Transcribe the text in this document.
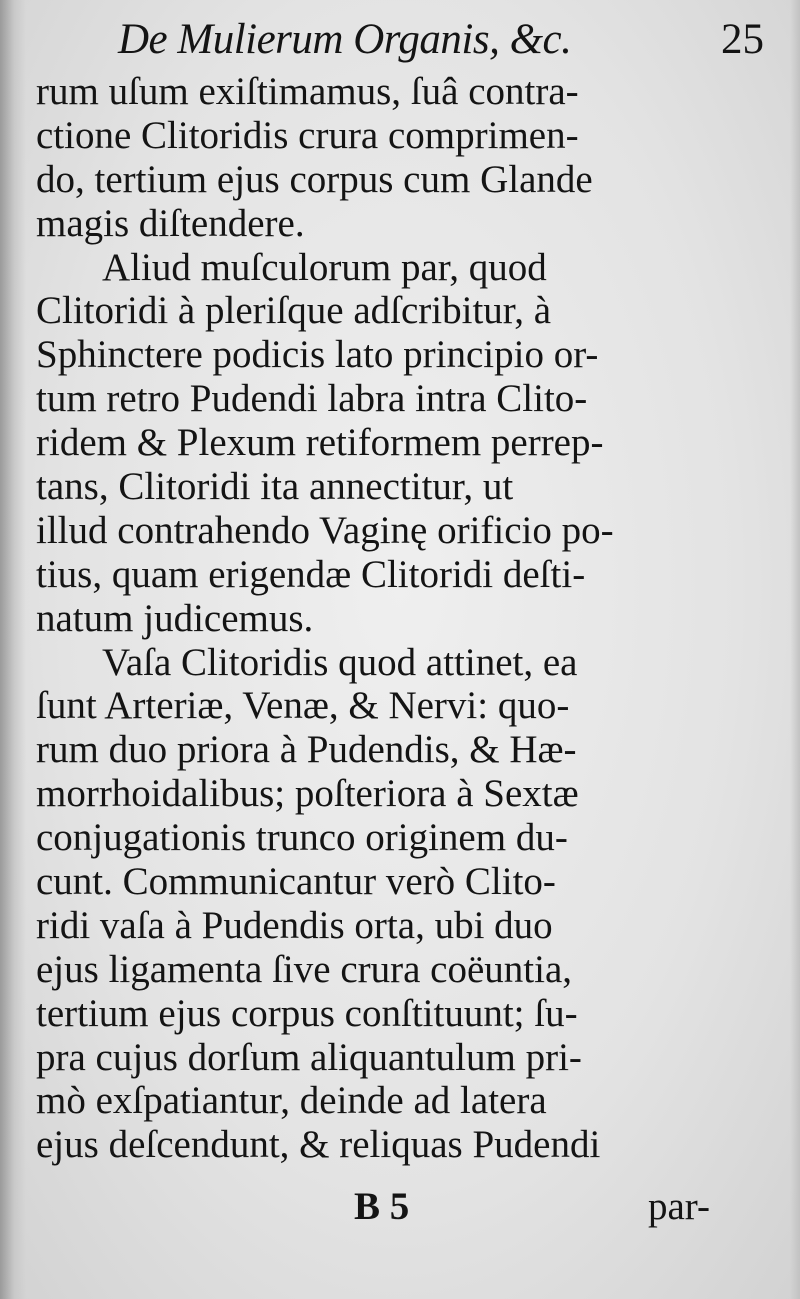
De Mulierum Organis, &c.	25
rum uſum exiſtimamus, ſuâ contra-
ctione Clitoridis crura comprimen-
do, tertium ejus corpus cum Glande
magis diſtendere.
Aliud muſculorum par, quod
Clitoridi à pleriſque adſcribitur, à
Sphinctere podicis lato principio or-
tum retro Pudendi labra intra Clito-
ridem & Plexum retiformem perrep-
tans, Clitoridi ita annectitur, ut
illud contrahendo Vaginę orificio po-
tius, quam erigendæ Clitoridi deſti-
natum judicemus.
Vaſa Clitoridis quod attinet, ea
ſunt Arteriæ, Venæ, & Nervi: quo-
rum duo priora à Pudendis, & Hæ-
morrhoidalibus; poſteriora à Sextæ
conjugationis trunco originem du-
cunt. Communicantur verò Clito-
ridi vaſa à Pudendis orta, ubi duo
ejus ligamenta ſive crura coëuntia,
tertium ejus corpus conſtituunt; ſu-
pra cujus dorſum aliquantulum pri-
mò exſpatiantur, deinde ad latera
ejus deſcendunt, & reliquas Pudendi
B 5	par-
